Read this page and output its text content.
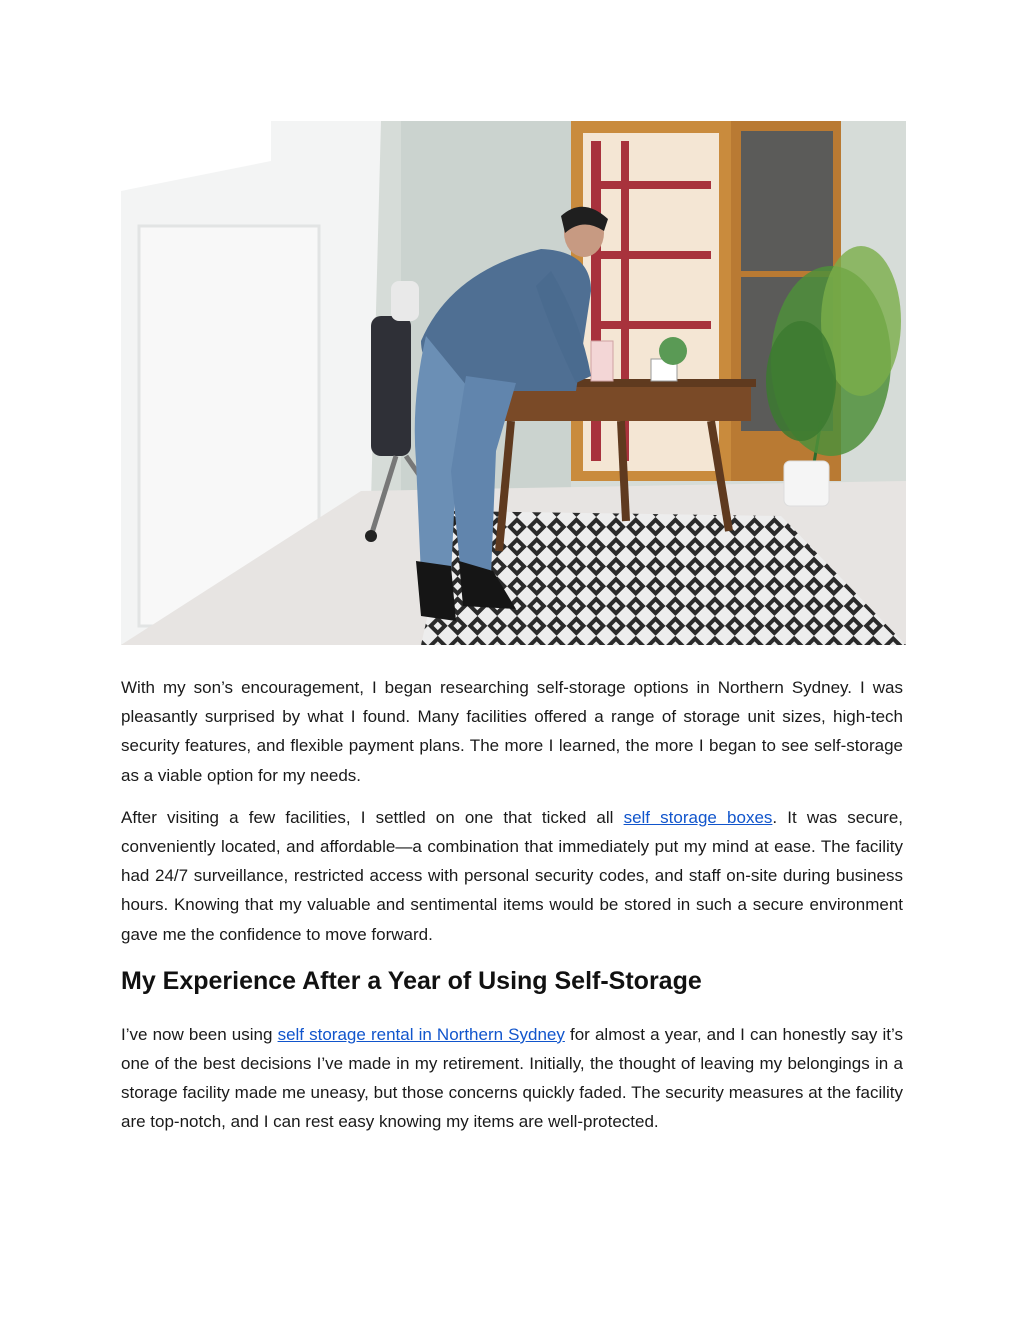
With my son’s encouragement, I began researching self-storage options in Northern Sydney. I was pleasantly surprised by what I found. Many facilities offered a range of storage unit sizes, high-tech security features, and flexible payment plans. The more I learned, the more I began to see self-storage as a viable option for my needs.

After visiting a few facilities, I settled on one that ticked all self storage boxes. It was secure, conveniently located, and affordable—a combination that immediately put my mind at ease. The facility had 24/7 surveillance, restricted access with personal security codes, and staff on-site during business hours. Knowing that my valuable and sentimental items would be stored in such a secure environment gave me the confidence to move forward.

My Experience After a Year of Using Self-Storage

I’ve now been using self storage rental in Northern Sydney for almost a year, and I can honestly say it’s one of the best decisions I’ve made in my retirement. Initially, the thought of leaving my belongings in a storage facility made me uneasy, but those concerns quickly faded. The security measures at the facility are top-notch, and I can rest easy knowing my items are well-protected.
